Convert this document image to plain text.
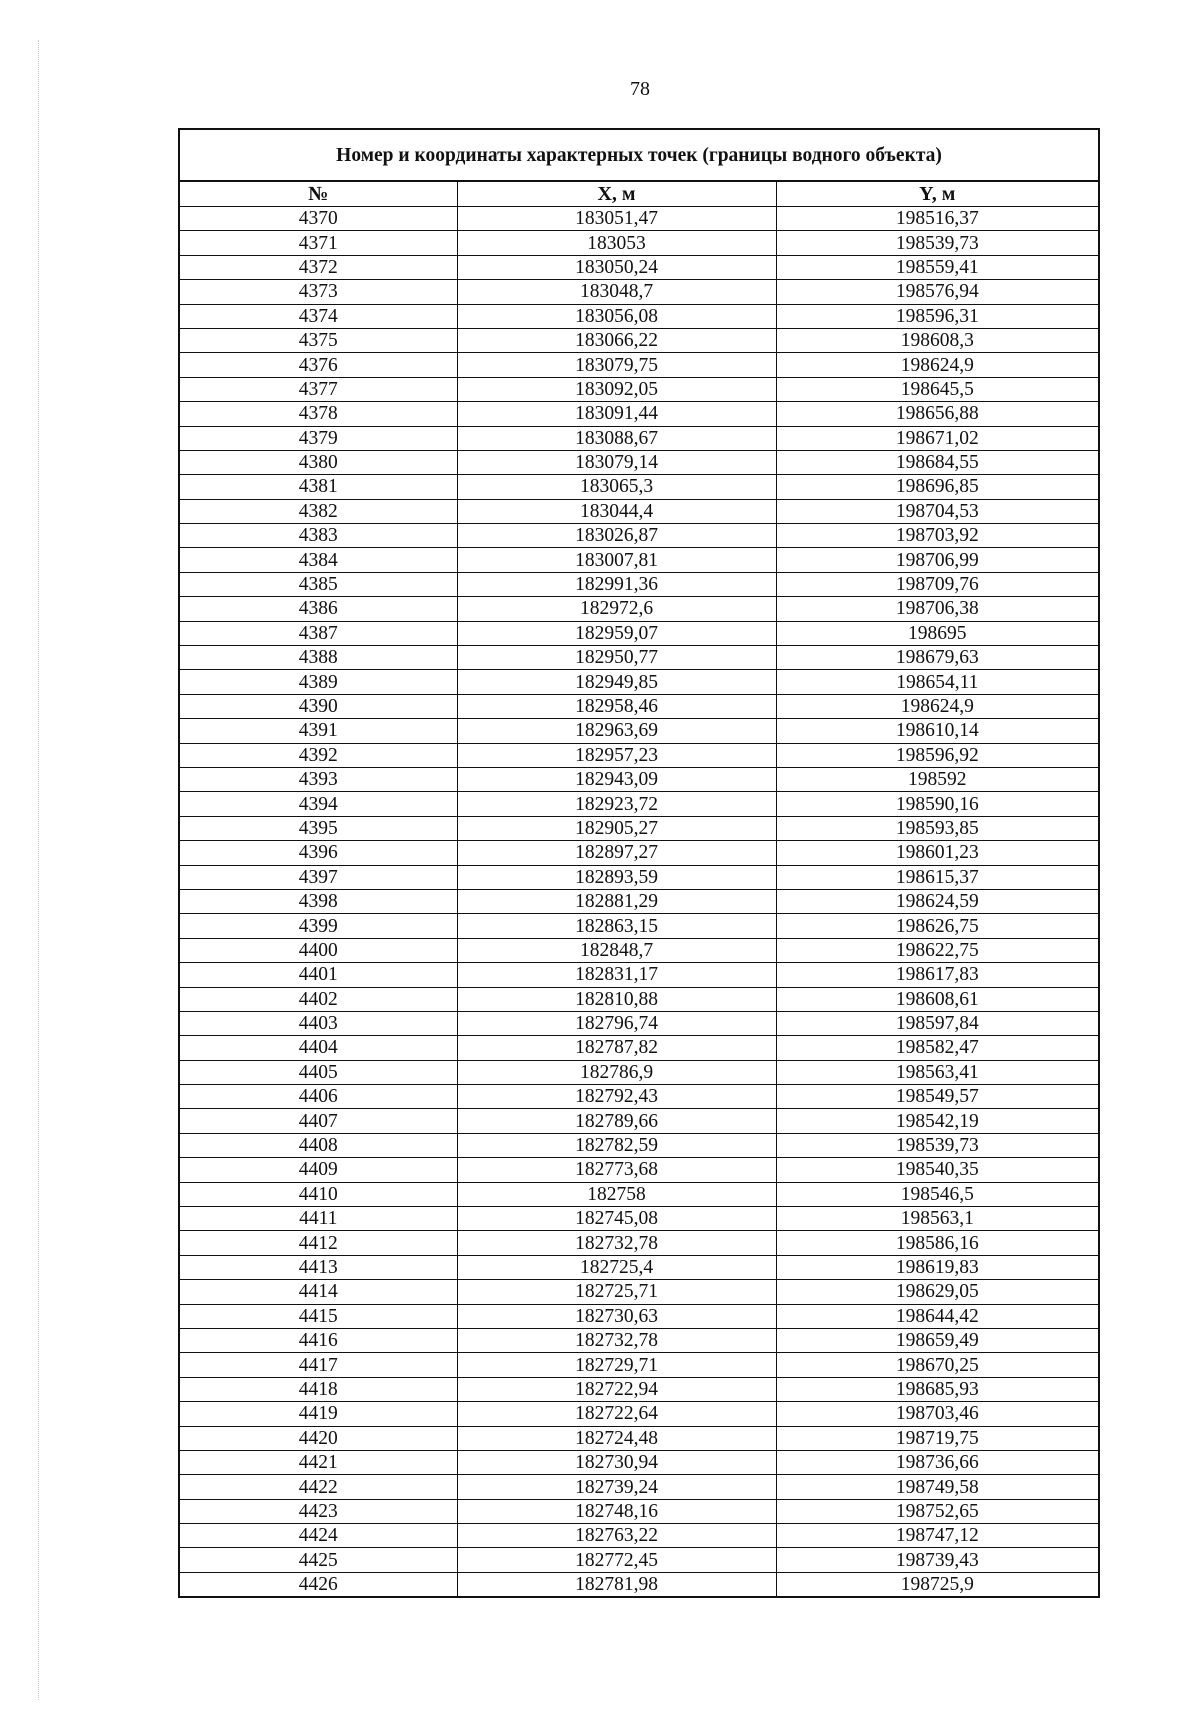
78
Номер и координаты характерных точек (границы водного объекта)		
№	X, м	Y, м
4370	183051,47	198516,37
4371	183053	198539,73
4372	183050,24	198559,41
4373	183048,7	198576,94
4374	183056,08	198596,31
4375	183066,22	198608,3
4376	183079,75	198624,9
4377	183092,05	198645,5
4378	183091,44	198656,88
4379	183088,67	198671,02
4380	183079,14	198684,55
4381	183065,3	198696,85
4382	183044,4	198704,53
4383	183026,87	198703,92
4384	183007,81	198706,99
4385	182991,36	198709,76
4386	182972,6	198706,38
4387	182959,07	198695
4388	182950,77	198679,63
4389	182949,85	198654,11
4390	182958,46	198624,9
4391	182963,69	198610,14
4392	182957,23	198596,92
4393	182943,09	198592
4394	182923,72	198590,16
4395	182905,27	198593,85
4396	182897,27	198601,23
4397	182893,59	198615,37
4398	182881,29	198624,59
4399	182863,15	198626,75
4400	182848,7	198622,75
4401	182831,17	198617,83
4402	182810,88	198608,61
4403	182796,74	198597,84
4404	182787,82	198582,47
4405	182786,9	198563,41
4406	182792,43	198549,57
4407	182789,66	198542,19
4408	182782,59	198539,73
4409	182773,68	198540,35
4410	182758	198546,5
4411	182745,08	198563,1
4412	182732,78	198586,16
4413	182725,4	198619,83
4414	182725,71	198629,05
4415	182730,63	198644,42
4416	182732,78	198659,49
4417	182729,71	198670,25
4418	182722,94	198685,93
4419	182722,64	198703,46
4420	182724,48	198719,75
4421	182730,94	198736,66
4422	182739,24	198749,58
4423	182748,16	198752,65
4424	182763,22	198747,12
4425	182772,45	198739,43
4426	182781,98	198725,9
